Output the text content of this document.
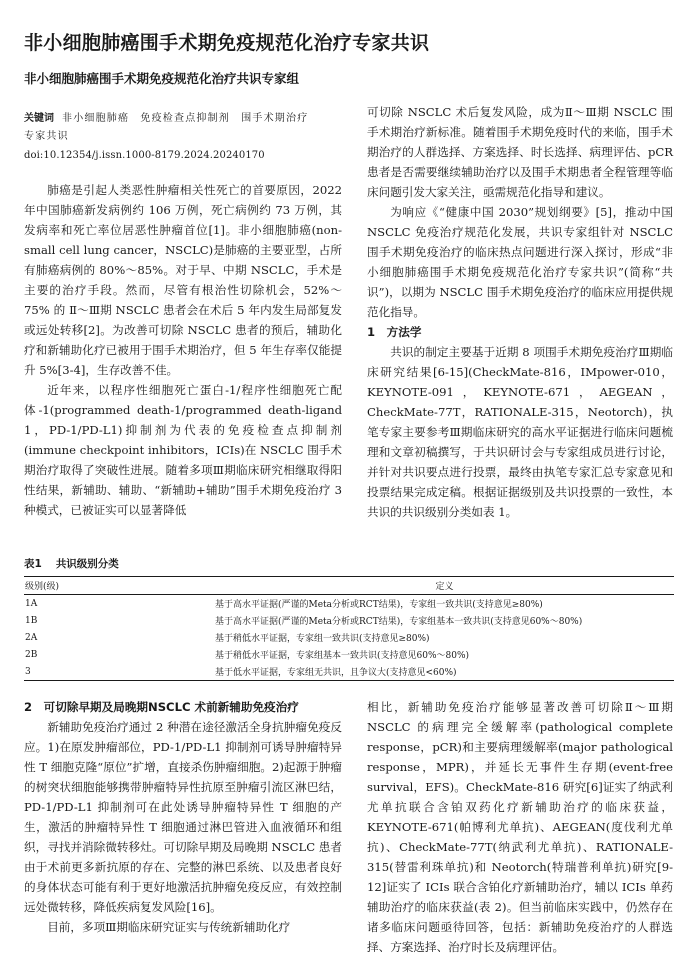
非小细胞肺癌围手术期免疫规范化治疗专家共识
非小细胞肺癌围手术期免疫规范化治疗共识专家组
关键词 非小细胞肺癌　免疫检查点抑制剂　围手术期治疗
专家共识
doi:10.12354/j.issn.1000-8179.2024.20240170

肺癌是引起人类恶性肿瘤相关性死亡的首要原因，2022 年中国肺癌新发病例约 106 万例，死亡病例约 73 万例，其发病率和死亡率位居恶性肿瘤首位[1]。非小细胞肺癌(non-small cell lung cancer，NSCLC)是肺癌的主要亚型，占所有肺癌病例的 80%～85%。对于早、中期 NSCLC，手术是主要的治疗手段。然而，尽管有根治性切除机会，52%～75% 的 Ⅱ～Ⅲ期 NSCLC 患者会在术后 5 年内发生局部复发或远处转移[2]。为改善可切除 NSCLC 患者的预后，辅助化疗和新辅助化疗已被用于围手术期治疗，但 5 年生存率仅能提升 5%[3-4]，生存改善不佳。

近年来，以程序性细胞死亡蛋白-1/程序性细胞死亡配体-1(programmed death-1/programmed death-ligand 1，PD-1/PD-L1)抑制剂为代表的免疫检查点抑制剂(immune checkpoint inhibitors，ICIs)在 NSCLC 围手术期治疗取得了突破性进展。随着多项Ⅲ期临床研究相继取得阳性结果，新辅助、辅助、“新辅助+辅助”围手术期免疫治疗 3 种模式，已被证实可以显著降低

可切除 NSCLC 术后复发风险，成为Ⅱ～Ⅲ期 NSCLC 围手术期治疗新标准。随着围手术期免疫时代的来临，围手术期治疗的人群选择、方案选择、时长选择、病理评估、pCR 患者是否需要继续辅助治疗以及围手术期患者全程管理等临床问题引发大家关注，亟需规范化指导和建议。

为响应《“健康中国 2030”规划纲要》[5]，推动中国 NSCLC 免疫治疗规范化发展，共识专家组针对 NSCLC 围手术期免疫治疗的临床热点问题进行深入探讨，形成“非小细胞肺癌围手术期免疫规范化治疗专家共识”(简称“共识”)，以期为 NSCLC 围手术期免疫治疗的临床应用提供规范化指导。

1　方法学

共识的制定主要基于近期 8 项围手术期免疫治疗Ⅲ期临床研究结果[6-15](CheckMate-816，IMpower-010，KEYNOTE-091，KEYNOTE-671，AEGEAN，CheckMate-77T，RATIONALE-315，Neotorch)，执笔专家主要参考Ⅲ期临床研究的高水平证据进行临床问题梳理和文章初稿撰写，于共识研讨会与专家组成员进行讨论，并针对共识要点进行投票，最终由执笔专家汇总专家意见和投票结果完成定稿。根据证据级别及共识投票的一致性，本共识的共识级别分类如表 1。

表1 共识级别分类
级别(级)	定义
1A	基于高水平证据(严谨的Meta分析或RCT结果)，专家组一致共识(支持意见≥80%)
1B	基于高水平证据(严谨的Meta分析或RCT结果)，专家组基本一致共识(支持意见60%～80%)
2A	基于稍低水平证据，专家组一致共识(支持意见≥80%)
2B	基于稍低水平证据，专家组基本一致共识(支持意见60%～80%)
3	基于低水平证据，专家组无共识，且争议大(支持意见<60%)

2　可切除早期及局晚期NSCLC 术前新辅助免疫治疗

新辅助免疫治疗通过 2 种潜在途径激活全身抗肿瘤免疫反应。1)在原发肿瘤部位，PD-1/PD-L1 抑制剂可诱导肿瘤特异性 T 细胞克隆“原位”扩增，直接杀伤肿瘤细胞。2)起源于肿瘤的树突状细胞能够携带肿瘤特异性抗原至肿瘤引流区淋巴结，PD-1/PD-L1 抑制剂可在此处诱导肿瘤特异性 T 细胞的产生，激活的肿瘤特异性 T 细胞通过淋巴管进入血液循环和组织，寻找并消除微转移灶。可切除早期及局晚期 NSCLC 患者由于术前更多新抗原的存在、完整的淋巴系统、以及患者良好的身体状态可能有利于更好地激活抗肿瘤免疫反应，有效控制远处微转移，降低疾病复发风险[16]。

目前，多项Ⅲ期临床研究证实与传统新辅助化疗

相比，新辅助免疫治疗能够显著改善可切除Ⅱ～Ⅲ期 NSCLC 的病理完全缓解率(pathological complete response，pCR)和主要病理缓解率(major pathological response，MPR)，并延长无事件生存期(event-free survival，EFS)。CheckMate-816 研究[6]证实了纳武利尤单抗联合含铂双药化疗新辅助治疗的临床获益，KEYNOTE-671(帕博利尤单抗)、AEGEAN(度伐利尤单抗)、CheckMate-77T(纳武利尤单抗)、RATIONALE-315(替雷利珠单抗)和 Neotorch(特瑞普利单抗)研究[9-12]证实了 ICIs 联合含铂化疗新辅助治疗，辅以 ICIs 单药辅助治疗的临床获益(表 2)。但当前临床实践中，仍然存在诸多临床问题亟待回答，包括：新辅助免疫治疗的人群选择、方案选择、治疗时长及病理评估。
